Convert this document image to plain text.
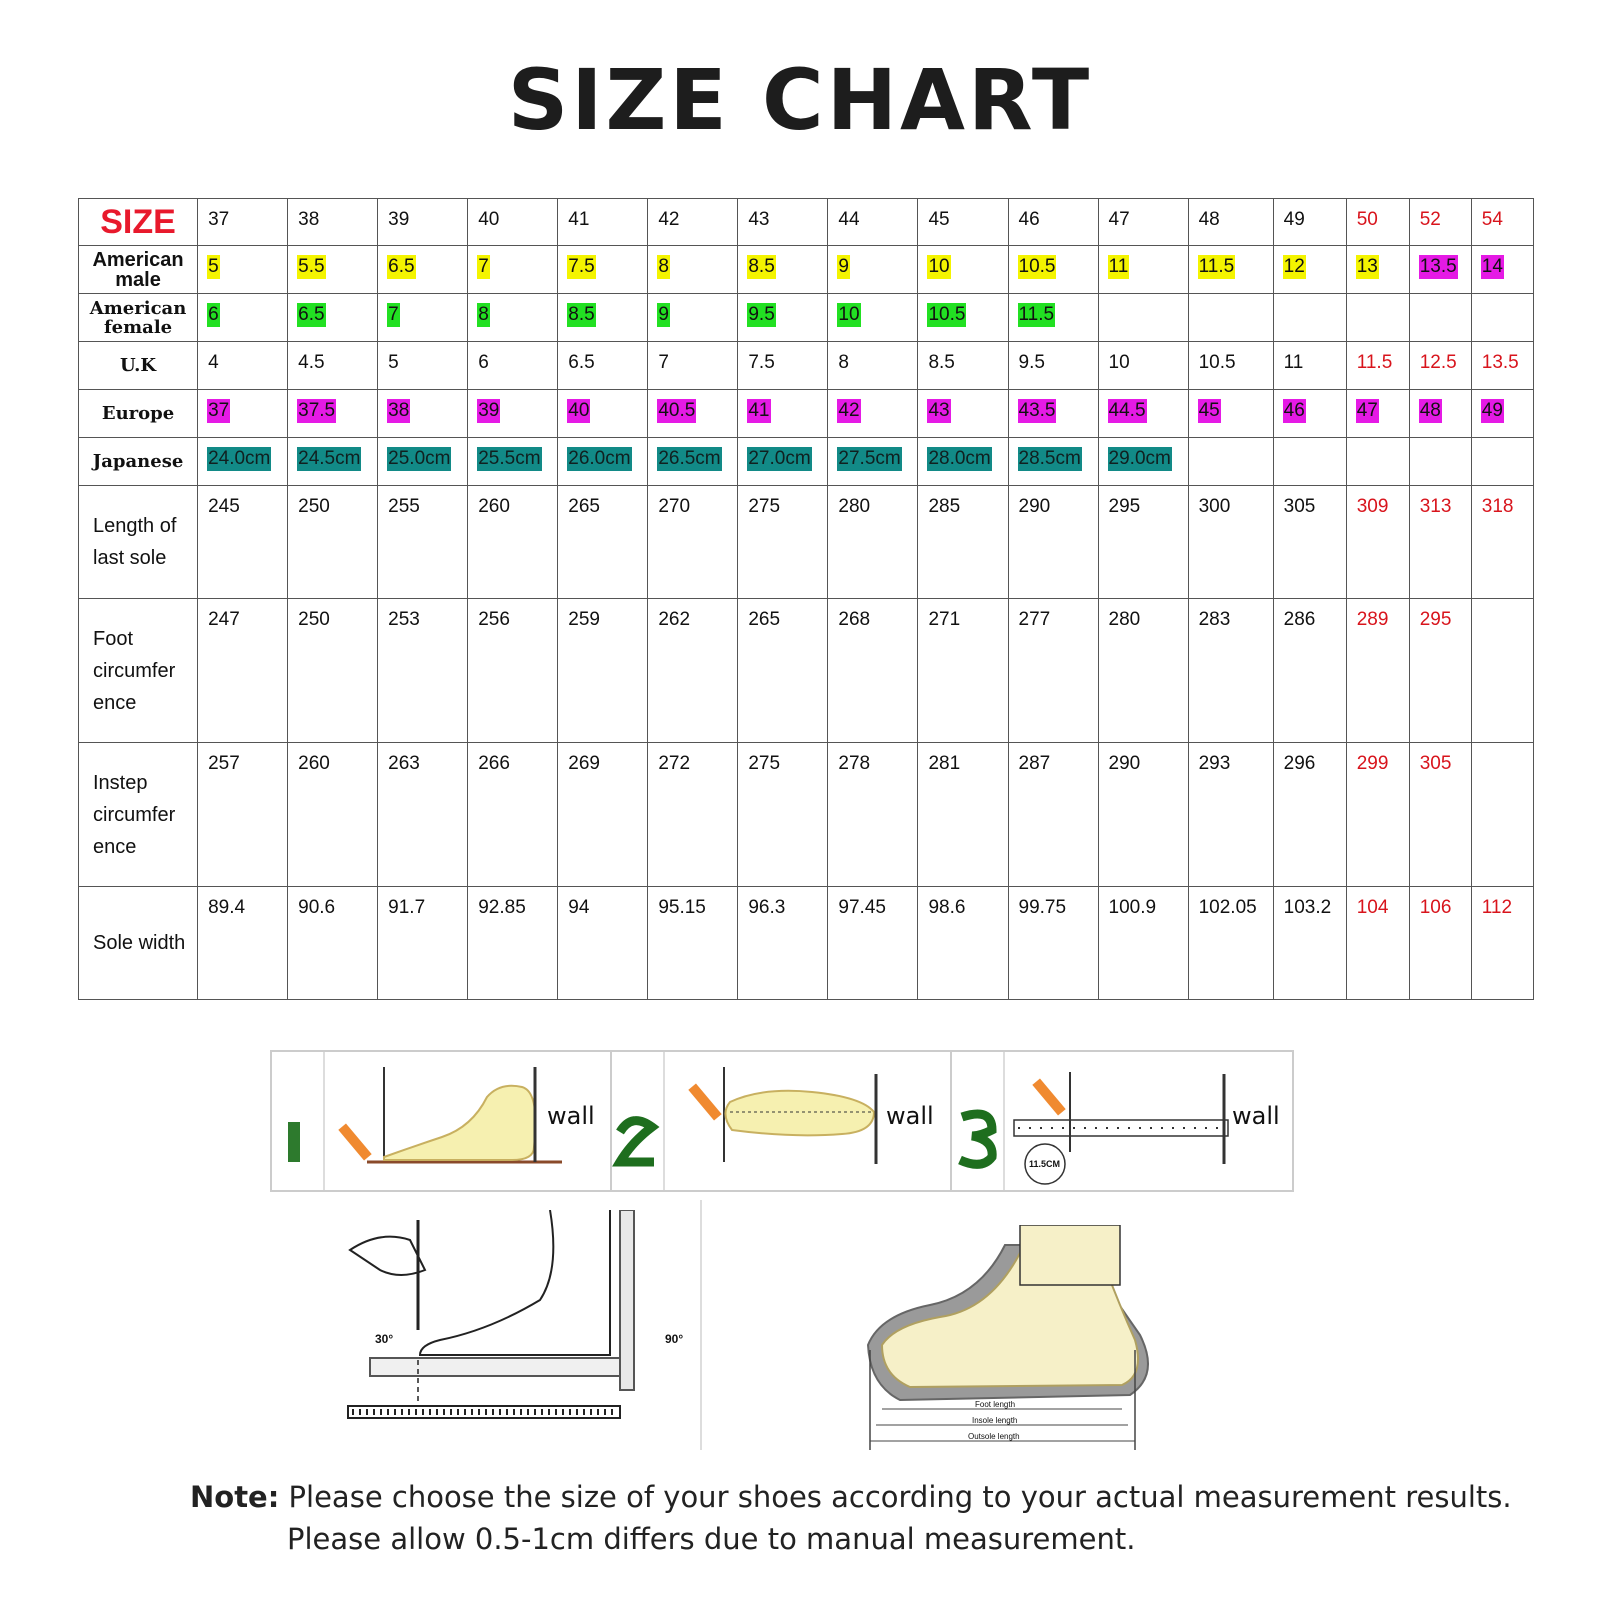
SIZE CHART
SIZE	37	38	39	40	41	42	43	44	45	46	47	48	49	50	52	54
American male	5	5.5	6.5	7	7.5	8	8.5	9	10	10.5	11	11.5	12	13	13.5	14
American female	6	6.5	7	8	8.5	9	9.5	10	10.5	11.5						
U.K	4	4.5	5	6	6.5	7	7.5	8	8.5	9.5	10	10.5	11	11.5	12.5	13.5
Europe	37	37.5	38	39	40	40.5	41	42	43	43.5	44.5	45	46	47	48	49
Japanese	24.0cm	24.5cm	25.0cm	25.5cm	26.0cm	26.5cm	27.0cm	27.5cm	28.0cm	28.5cm	29.0cm					
Length of last sole	245	250	255	260	265	270	275	280	285	290	295	300	305	309	313	318
Foot circumfer ence	247	250	253	256	259	262	265	268	271	277	280	283	286	289	295	
Instep circumfer ence	257	260	263	266	269	272	275	278	281	287	290	293	296	299	305	
Sole width	89.4	90.6	91.7	92.85	94	95.15	96.3	97.45	98.6	99.75	100.9	102.05	103.2	104	106	112
wall	wall
11.5CM
wall
30°	90°
Foot length
Insole length
Outsole length
Note: Please choose the size of your shoes according to your actual measurement results.
Please allow 0.5-1cm differs due to manual measurement.
